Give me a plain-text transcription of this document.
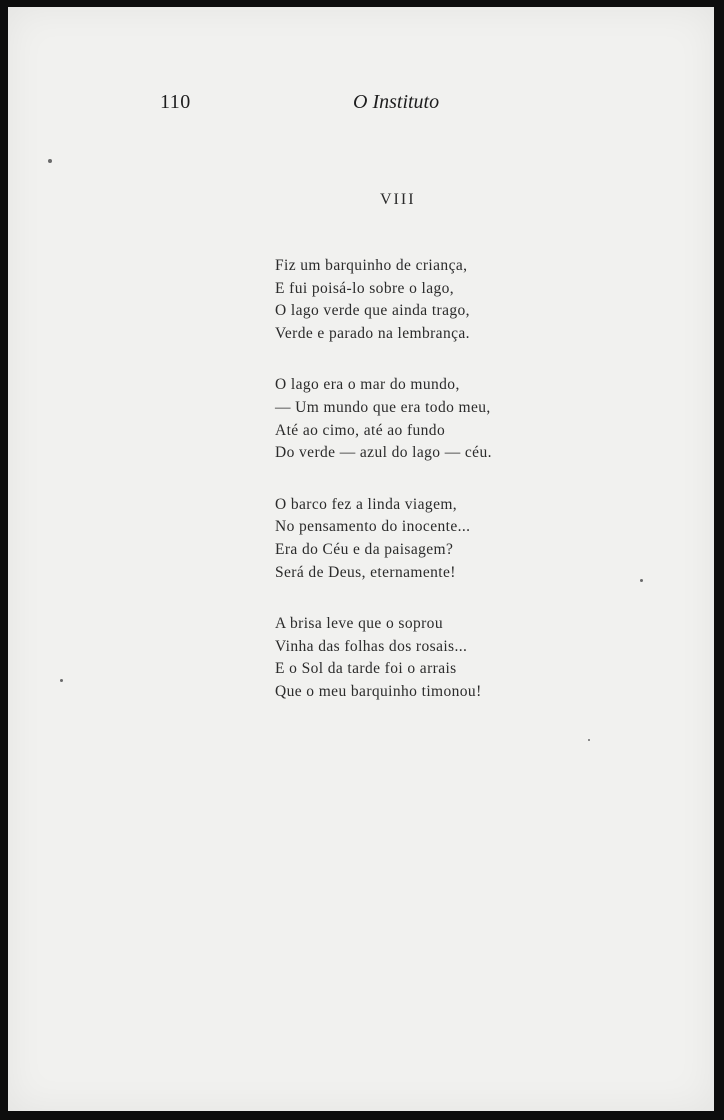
110	O Instituto
VIII
Fiz um barquinho de criança,
E fui poisá-lo sobre o lago,
O lago verde que ainda trago,
Verde e parado na lembrança.
O lago era o mar do mundo,
— Um mundo que era todo meu,
Até ao cimo, até ao fundo
Do verde — azul do lago — céu.
O barco fez a linda viagem,
No pensamento do inocente...
Era do Céu e da paisagem?
Será de Deus, eternamente!
A brisa leve que o soprou
Vinha das folhas dos rosais...
E o Sol da tarde foi o arrais
Que o meu barquinho timonou!
